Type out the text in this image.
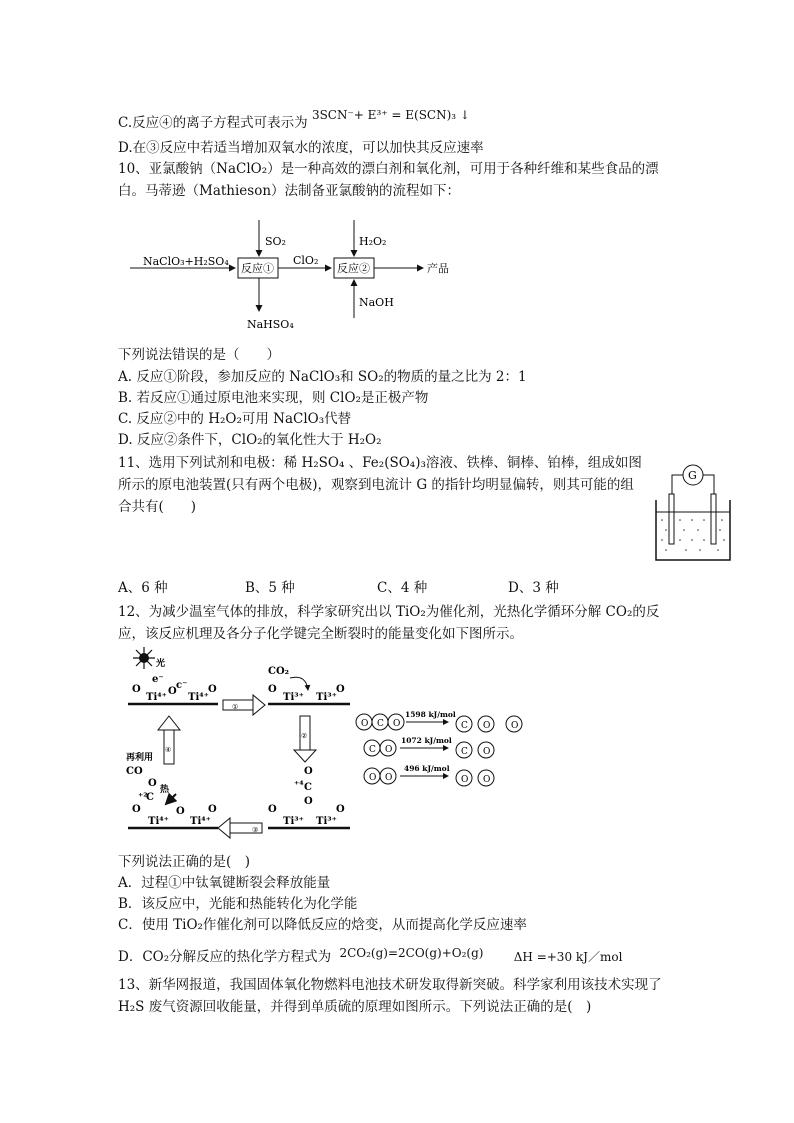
C.反应④的离子方程式可表示为 3SCN⁻+ E³⁺ = E(SCN)₃ ↓
D.在③反应中若适当增加双氧水的浓度，可以加快其反应速率
10、亚氯酸钠（NaClO₂）是一种高效的漂白剂和氧化剂，可用于各种纤维和某些食品的漂
白。马蒂逊（Mathieson）法制备亚氯酸钠的流程如下：
NaClO₃+H₂SO₄
反应①
SO₂
NaHSO₄
ClO₂
反应②
H₂O₂
NaOH
产品
下列说法错误的是（　　）
A. 反应①阶段，参加反应的 NaClO₃和 SO₂的物质的量之比为 2：1
B. 若反应①通过原电池来实现，则 ClO₂是正极产物
C. 反应②中的 H₂O₂可用 NaClO₃代替
D. 反应②条件下，ClO₂的氧化性大于 H₂O₂
11、选用下列试剂和电极：稀 H₂SO₄ 、Fe₂(SO₄)₃溶液、铁棒、铜棒、铂棒，组成如图
所示的原电池装置(只有两个电极)，观察到电流计 G 的指针均明显偏转，则其可能的组
合共有(　　)
G
A、6 种	B、5 种	C、4 种	D、3 种
12、为减少温室气体的排放，科学家研究出以 TiO₂为催化剂，光热化学循环分解 CO₂的反
应，该反应机理及各分子化学键完全断裂时的能量变化如下图所示。
光
O
Ti⁴⁺
O
c⁻
Ti⁴⁺
O
e⁻
①
CO₂
O
Ti³⁺ Ti³⁺
O
②
O
C
⁺⁴
O
O
Ti³⁺ Ti³⁺
O
③
CO
O
C
⁺²
O
Ti⁴⁺
O
Ti⁴⁺
O
再利用
热
④
O C O
1598 kJ/mol
C O O
C O
1072 kJ/mol
C O
O O
496 kJ/mol
O O
下列说法正确的是(　)
A．过程①中钛氧键断裂会释放能量
B．该反应中，光能和热能转化为化学能
C．使用 TiO₂作催化剂可以降低反应的焓变，从而提高化学反应速率
D．CO₂分解反应的热化学方程式为 2CO₂(g)=2CO(g)+O₂(g)	ΔH =+30 kJ／mol
13、新华网报道，我国固体氧化物燃料电池技术研发取得新突破。科学家利用该技术实现了
H₂S 废气资源回收能量，并得到单质硫的原理如图所示。下列说法正确的是(　)
